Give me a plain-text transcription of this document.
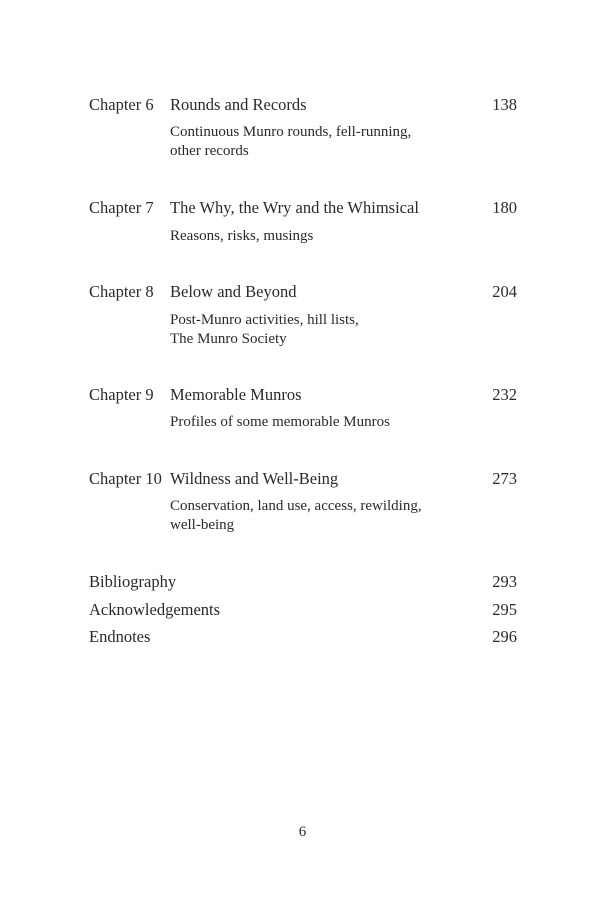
Chapter 6 Rounds and Records	138
Continuous Munro rounds, fell-running,
other records
Chapter 7 The Why, the Wry and the Whimsical	180
Reasons, risks, musings
Chapter 8 Below and Beyond	204
Post-Munro activities, hill lists,
The Munro Society
Chapter 9 Memorable Munros	232
Profiles of some memorable Munros
Chapter 10 Wildness and Well-Being	273
Conservation, land use, access, rewilding,
well-being
Bibliography	293
Acknowledgements	295
Endnotes	296
6
